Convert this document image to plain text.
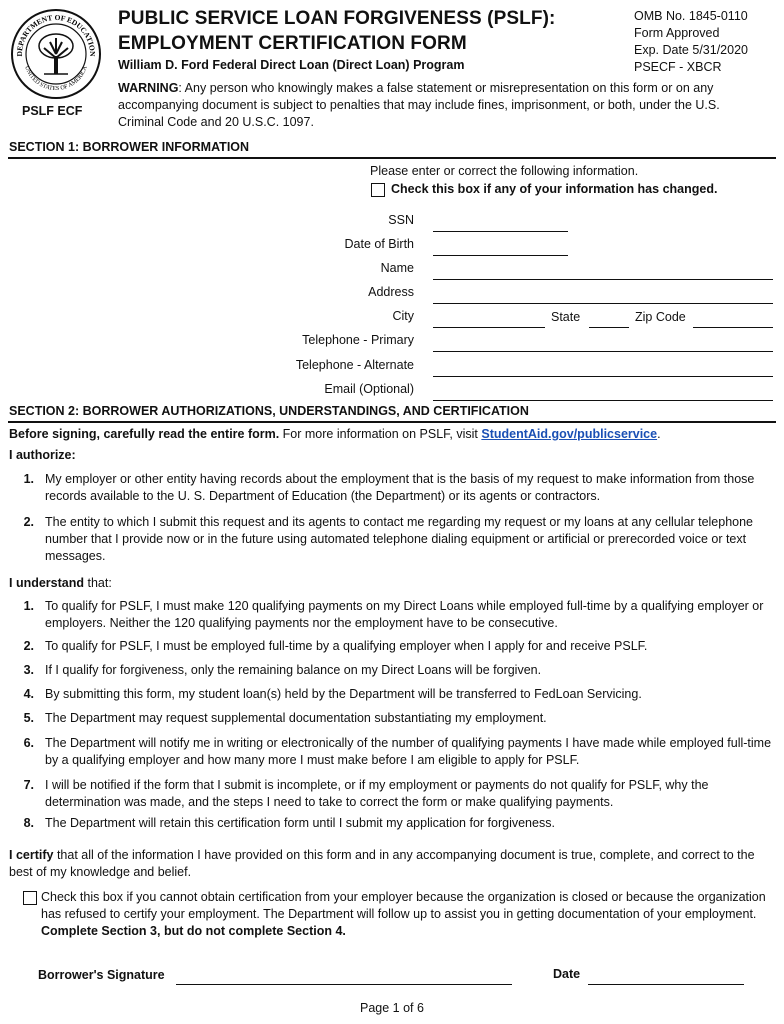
DEPARTMENT OF EDUCATION
UNITED STATES OF AMERICA
PSLF ECF
PUBLIC SERVICE LOAN FORGIVENESS (PSLF):
EMPLOYMENT CERTIFICATION FORM
William D. Ford Federal Direct Loan (Direct Loan) Program
OMB No. 1845-0110
Form Approved
Exp. Date 5/31/2020
PSECF - XBCR
WARNING: Any person who knowingly makes a false statement or misrepresentation on this form or on any accompanying document is subject to penalties that may include fines, imprisonment, or both, under the U.S. Criminal Code and 20 U.S.C. 1097.
SECTION 1: BORROWER INFORMATION
Please enter or correct the following information.
Check this box if any of your information has changed.
SSN
Date of Birth
Name
Address
City	State	Zip Code
Telephone - Primary
Telephone - Alternate
Email (Optional)
SECTION 2: BORROWER AUTHORIZATIONS, UNDERSTANDINGS, AND CERTIFICATION
Before signing, carefully read the entire form. For more information on PSLF, visit StudentAid.gov/publicservice.
I authorize:
1. My employer or other entity having records about the employment that is the basis of my request to make information from those records available to the U. S. Department of Education (the Department) or its agents or contractors.
2. The entity to which I submit this request and its agents to contact me regarding my request or my loans at any cellular telephone number that I provide now or in the future using automated telephone dialing equipment or artificial or prerecorded voice or text messages.
I understand that:
1. To qualify for PSLF, I must make 120 qualifying payments on my Direct Loans while employed full-time by a qualifying employer or employers. Neither the 120 qualifying payments nor the employment have to be consecutive.
2. To qualify for PSLF, I must be employed full-time by a qualifying employer when I apply for and receive PSLF.
3. If I qualify for forgiveness, only the remaining balance on my Direct Loans will be forgiven.
4. By submitting this form, my student loan(s) held by the Department will be transferred to FedLoan Servicing.
5. The Department may request supplemental documentation substantiating my employment.
6. The Department will notify me in writing or electronically of the number of qualifying payments I have made while employed full-time by a qualifying employer and how many more I must make before I am eligible to apply for PSLF.
7. I will be notified if the form that I submit is incomplete, or if my employment or payments do not qualify for PSLF, why the determination was made, and the steps I need to take to correct the form or make qualifying payments.
8. The Department will retain this certification form until I submit my application for forgiveness.
I certify that all of the information I have provided on this form and in any accompanying document is true, complete, and correct to the best of my knowledge and belief.
Check this box if you cannot obtain certification from your employer because the organization is closed or because the organization has refused to certify your employment. The Department will follow up to assist you in getting documentation of your employment. Complete Section 3, but do not complete Section 4.
Borrower's Signature	Date
Page 1 of 6
